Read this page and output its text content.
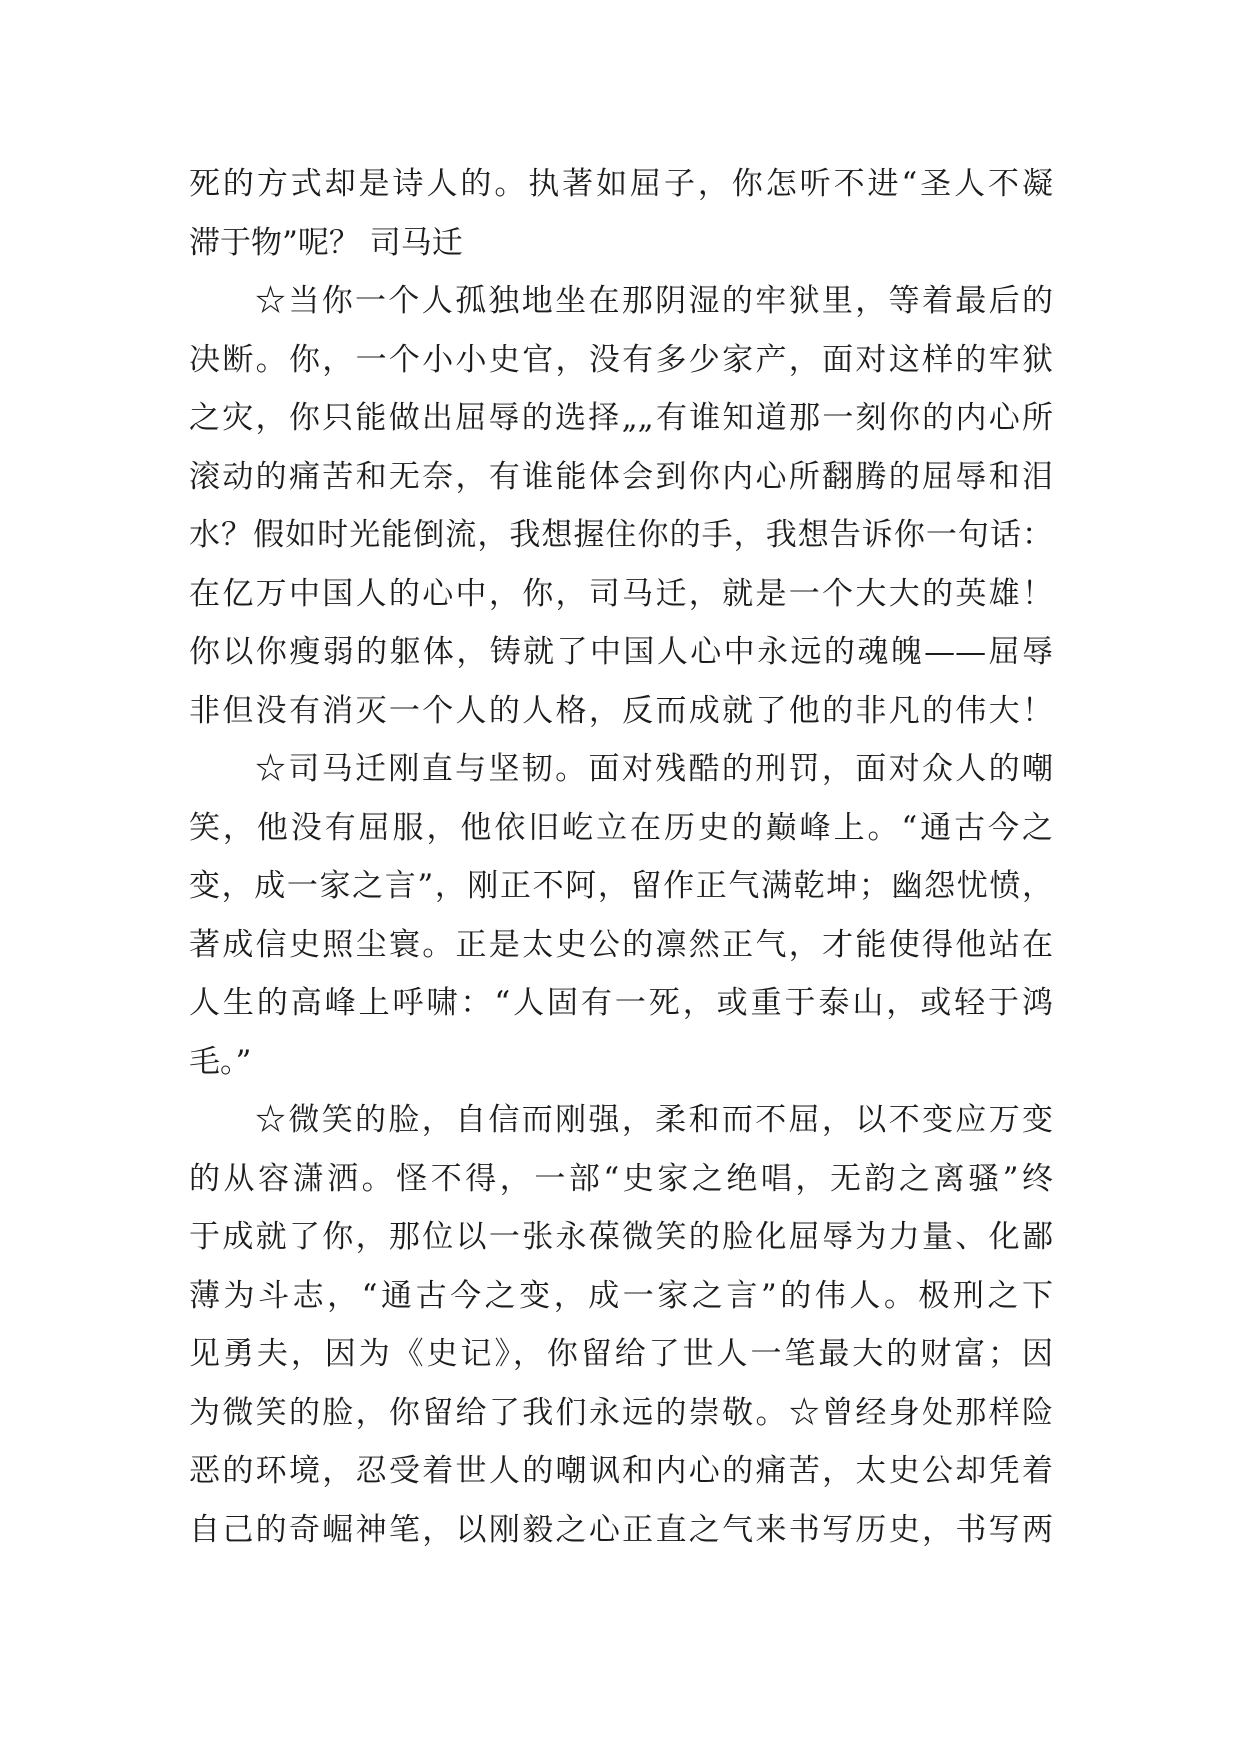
死的方式却是诗人的。执著如屈子，你怎听不进“圣人不凝
滞于物”呢？ 司马迁
☆当你一个人孤独地坐在那阴湿的牢狱里，等着最后的
决断。你，一个小小史官，没有多少家产，面对这样的牢狱
之灾，你只能做出屈辱的选择„„有谁知道那一刻你的内心所
滚动的痛苦和无奈，有谁能体会到你内心所翻腾的屈辱和泪
水？假如时光能倒流，我想握住你的手，我想告诉你一句话：
在亿万中国人的心中，你，司马迁，就是一个大大的英雄！
你以你瘦弱的躯体，铸就了中国人心中永远的魂魄——屈辱
非但没有消灭一个人的人格，反而成就了他的非凡的伟大！
☆司马迁刚直与坚韧。面对残酷的刑罚，面对众人的嘲
笑，他没有屈服，他依旧屹立在历史的巅峰上。“通古今之
变，成一家之言”，刚正不阿，留作正气满乾坤；幽怨忧愤，
著成信史照尘寰。正是太史公的凛然正气，才能使得他站在
人生的高峰上呼啸：“人固有一死，或重于泰山，或轻于鸿
毛。”
☆微笑的脸，自信而刚强，柔和而不屈，以不变应万变
的从容潇洒。怪不得，一部“史家之绝唱，无韵之离骚”终
于成就了你，那位以一张永葆微笑的脸化屈辱为力量、化鄙
薄为斗志，“通古今之变，成一家之言”的伟人。极刑之下
见勇夫，因为《史记》，你留给了世人一笔最大的财富；因
为微笑的脸，你留给了我们永远的崇敬。☆曾经身处那样险
恶的环境，忍受着世人的嘲讽和内心的痛苦，太史公却凭着
自己的奇崛神笔，以刚毅之心正直之气来书写历史，书写两
